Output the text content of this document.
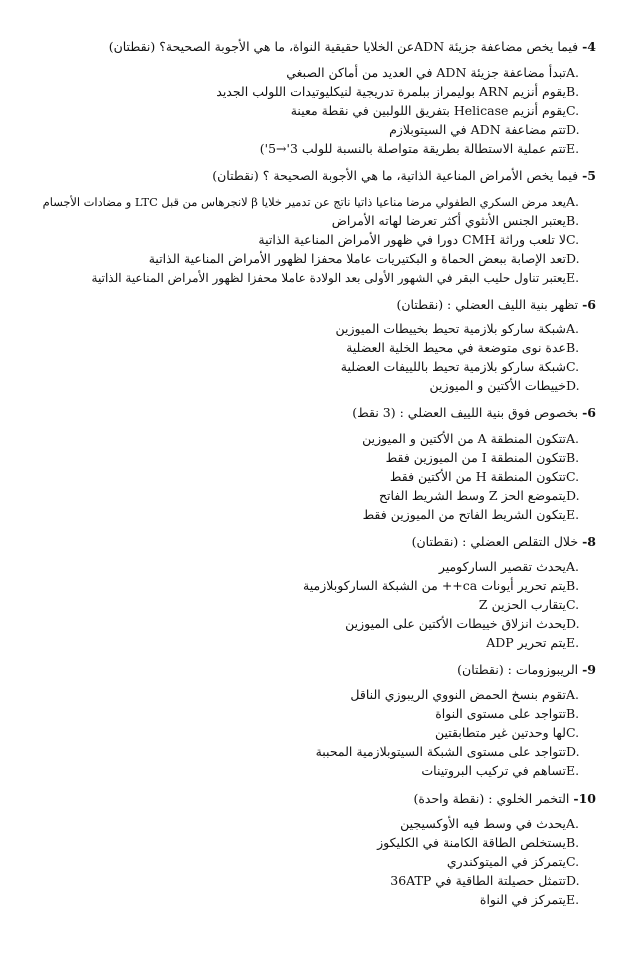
4- فيما يخص مضاعفة جزيئة ADNعن الخلايا حقيقية النواة، ما هي الأجوبة الصحيحة؟ (نقطتان)
A.
تبدأ مضاعفة جزيئة ADN في العديد من أماكن الصبغي
B.
يقوم أنزيم ARN بوليمراز ببلمرة تدريجية لنيكليوتيدات اللولب الجديد
C.
يقوم أنزيم Helicase بتفريق اللولبين في نقطة معينة
D.
تتم مضاعفة ADN في السيتوبلازم
E.
تتم عملية الاستطالة بطريقة متواصلة بالنسبة للولب 3'→5')
5- فيما يخص الأمراض المناعية الذاتية، ما هي الأجوبة الصحيحة ؟ (نقطتان)
A.
يعد مرض السكري الطفولي مرضا مناعيا ذاتيا ناتج عن تدمير خلايا β لانجرهاس من قبل LTC و مضادات الأجسام
B.
يعتبر الجنس الأنثوي أكثر تعرضا لهاته الأمراض
C.
لا تلعب وراثة CMH دورا في ظهور الأمراض المناعية الذاتية
D.
تعد الإصابة ببعض الحماة و البكتيريات عاملا محفزا لظهور الأمراض المناعية الذاتية
E.
يعتبر تناول حليب البقر في الشهور الأولى بعد الولادة عاملا محفزا لظهور الأمراض المناعية الذاتية
6- تظهر بنية الليف العضلي : (نقطتان)
A.
شبكة ساركو بلازمية تحيط بخييطات الميوزين
B.
عدة نوى متوضعة في محيط الخلية العضلية
C.
شبكة ساركو بلازمية تحيط باللييفات العضلية
D.
خييطات الأكتين و الميوزين
6- بخصوص فوق بنية اللييف العضلي : (3 نقط)
A.
تتكون المنطقة A من الأكتين و الميوزين
B.
تتكون المنطقة I من الميوزين فقط
C.
تتكون المنطقة H من الأكتين فقط
D.
يتموضع الحز Z وسط الشريط الفاتح
E.
يتكون الشريط الفاتح من الميوزين فقط
8- خلال التقلص العضلي : (نقطتان)
A.
يحدث تقصير الساركومير
B.
يتم تحرير أيونات ca++ من الشبكة الساركوبلازمية
C.
يتقارب الحزين Z
D.
يحدث انزلاق خييطات الأكتين على الميوزين
E.
يتم تحرير ADP
9- الريبوزومات : (نقطتان)
A.
تقوم بنسخ الحمض النووي الريبوزي الناقل
B.
تتواجد على مستوى النواة
C.
لها وحدتين غير متطابقتين
D.
تتواجد على مستوى الشبكة السيتوبلازمية المحببة
E.
تساهم في تركيب البروتينات
10- التخمر الخلوي : (نقطة واحدة)
A.
يحدث في وسط فيه الأوكسيجين
B.
يستخلص الطاقة الكامنة في الكليكوز
C.
يتمركز في الميتوكندري
D.
تتمثل حصيلتة الطاقية في 36ATP
E.
يتمركز في النواة
